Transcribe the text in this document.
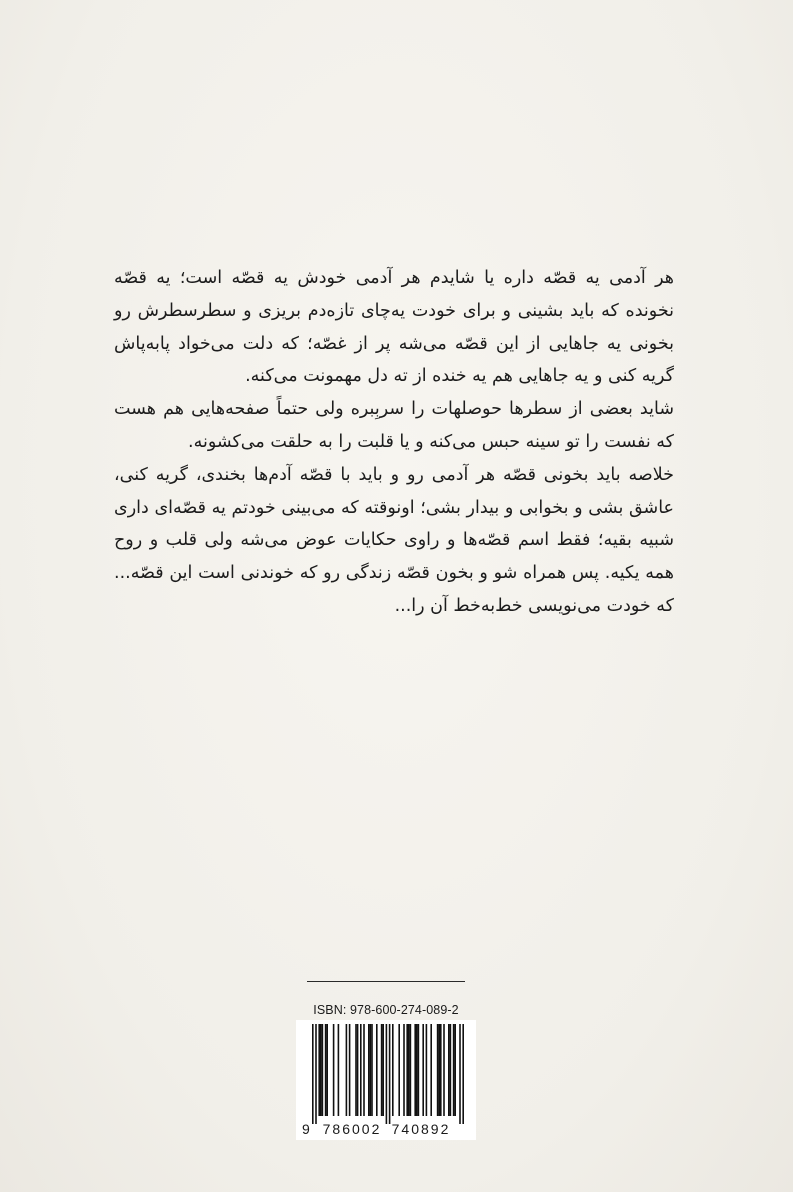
هر آدمی یه قصّه داره یا شایدم هر آدمی خودش یه قصّه است؛ یه قصّه نخونده که باید بشینی و برای خودت یه‌چای تازه‌دم بریزی و سطرسطرش رو بخونی یه جاهایی از این قصّه می‌شه پر از غصّه؛ که دلت می‌خواد پابه‌پاش گریه کنی و یه جاهایی هم یه خنده از ته دل مهمونت می‌کنه.

شاید بعضی از سطرها حوصلهات را سربِبره ولی حتماً صفحه‌هایی هم هست که نفست را تو سینه حبس می‌کنه و یا قلبت را به حلقت می‌کشونه.

خلاصه باید بخونی قصّه هر آدمی رو و باید با قصّه آدم‌ها بخندی، گریه کنی، عاشق بشی و بخوابی و بیدار بشی؛ اونوقته که می‌بینی خودتم یه قصّه‌ای داری شبیه بقیه؛ فقط اسم قصّه‌ها و راوی حکایات عوض می‌شه ولی قلب و روح همه یکیه. پس همراه شو و بخون قصّه زندگی رو که خوندنی است این قصّه... که خودت می‌نویسی خط‌به‌خط آن را...

ISBN: 978-600-274-089-2
9 786002 740892
